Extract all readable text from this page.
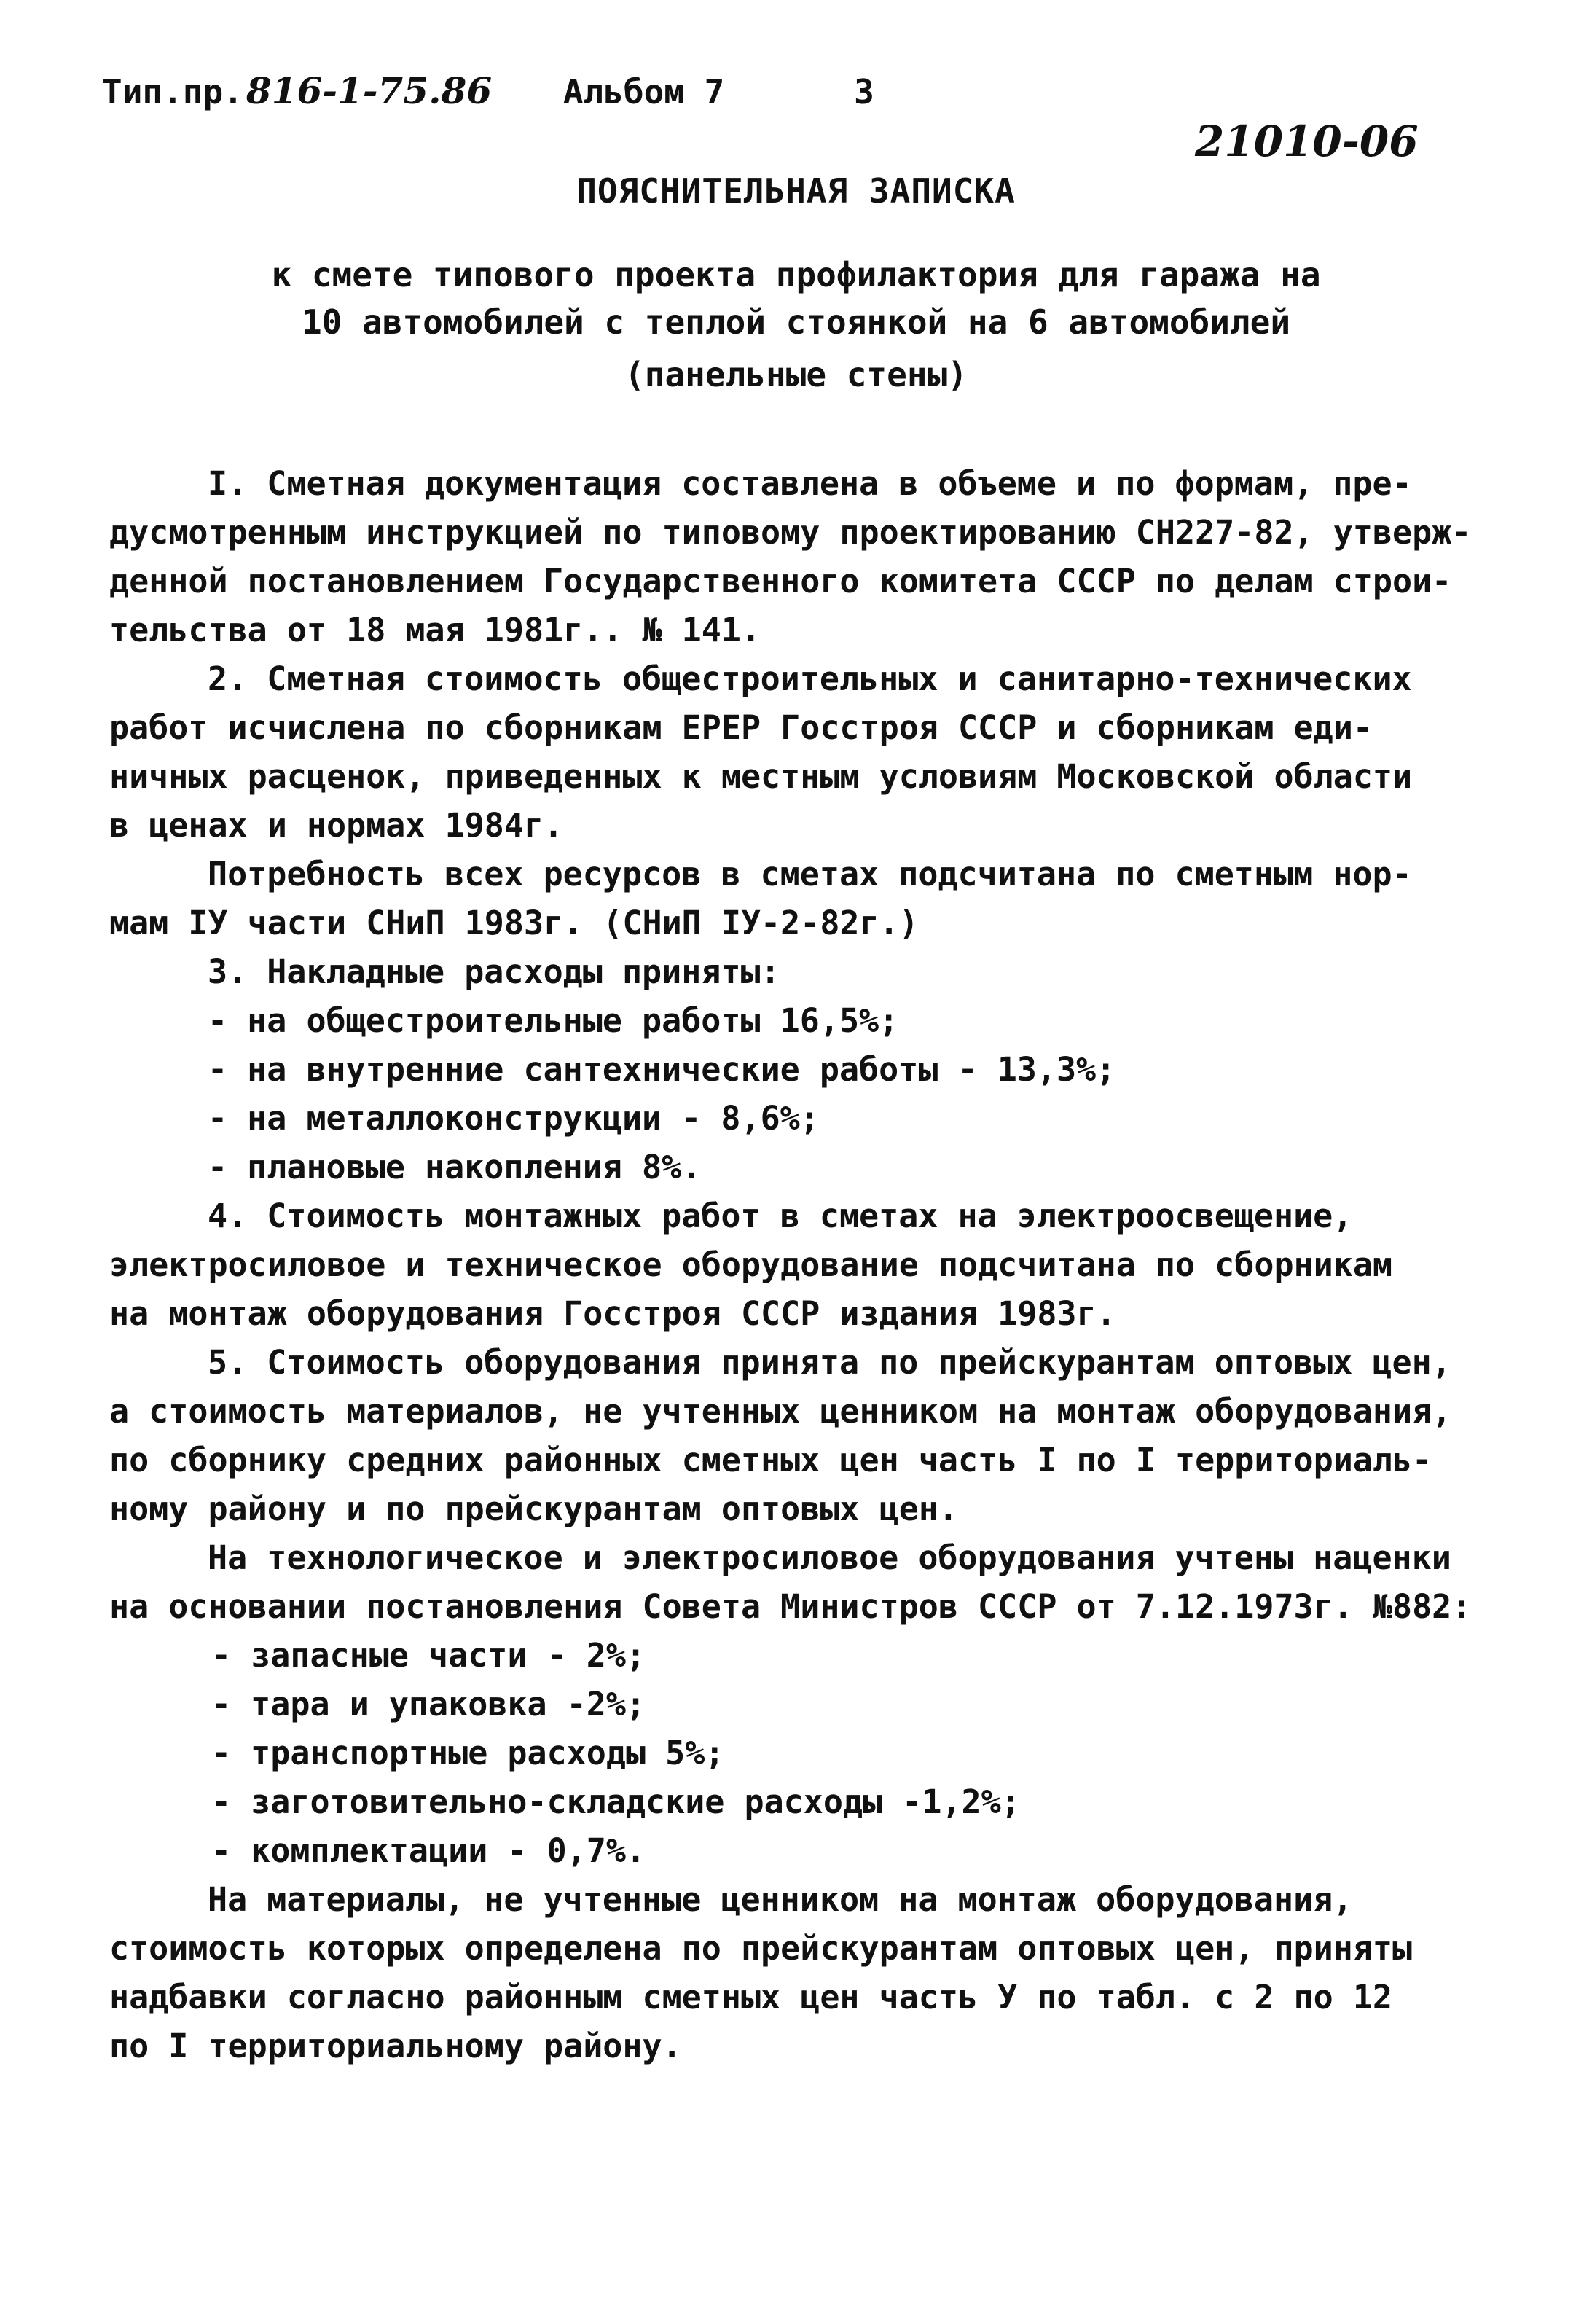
Тип.пр.816-1-75.86 Альбом 7	3
21010-06
ПОЯСНИТЕЛЬНАЯ ЗАПИСКА
к смете типового проекта профилактория для гаража на
10 автомобилей с теплой стоянкой на 6 автомобилей
(панельные стены)
I. Сметная документация составлена в объеме и по формам, пре-
дусмотренным инструкцией по типовому проектированию СН227-82, утверж-
денной постановлением Государственного комитета СССР по делам строи-
тельства от 18 мая 1981г.. № 141.
2. Сметная стоимость общестроительных и санитарно-технических
работ исчислена по сборникам ЕРЕР Госстроя СССР и сборникам еди-
ничных расценок, приведенных к местным условиям Московской области
в ценах и нормах 1984г.
Потребность всех ресурсов в сметах подсчитана по сметным нор-
мам IУ части СНиП 1983г. (СНиП IУ-2-82г.)
3. Накладные расходы приняты:
- на общестроительные работы 16,5%;
- на внутренние сантехнические работы - 13,3%;
- на металлоконструкции - 8,6%;
- плановые накопления 8%.
4. Стоимость монтажных работ в сметах на электроосвещение,
электросиловое и техническое оборудование подсчитана по сборникам
на монтаж оборудования Госстроя СССР издания 1983г.
5. Стоимость оборудования принята по прейскурантам оптовых цен,
а стоимость материалов, не учтенных ценником на монтаж оборудования,
по сборнику средних районных сметных цен часть I по I территориаль-
ному району и по прейскурантам оптовых цен.
На технологическое и электросиловое оборудования учтены наценки
на основании постановления Совета Министров СССР от 7.12.1973г. №882:
- запасные части - 2%;
- тара и упаковка -2%;
- транспортные расходы 5%;
- заготовительно-складские расходы -1,2%;
- комплектации - 0,7%.
На материалы, не учтенные ценником на монтаж оборудования,
стоимость которых определена по прейскурантам оптовых цен, приняты
надбавки согласно районным сметных цен часть У по табл. с 2 по 12
по I территориальному району.
